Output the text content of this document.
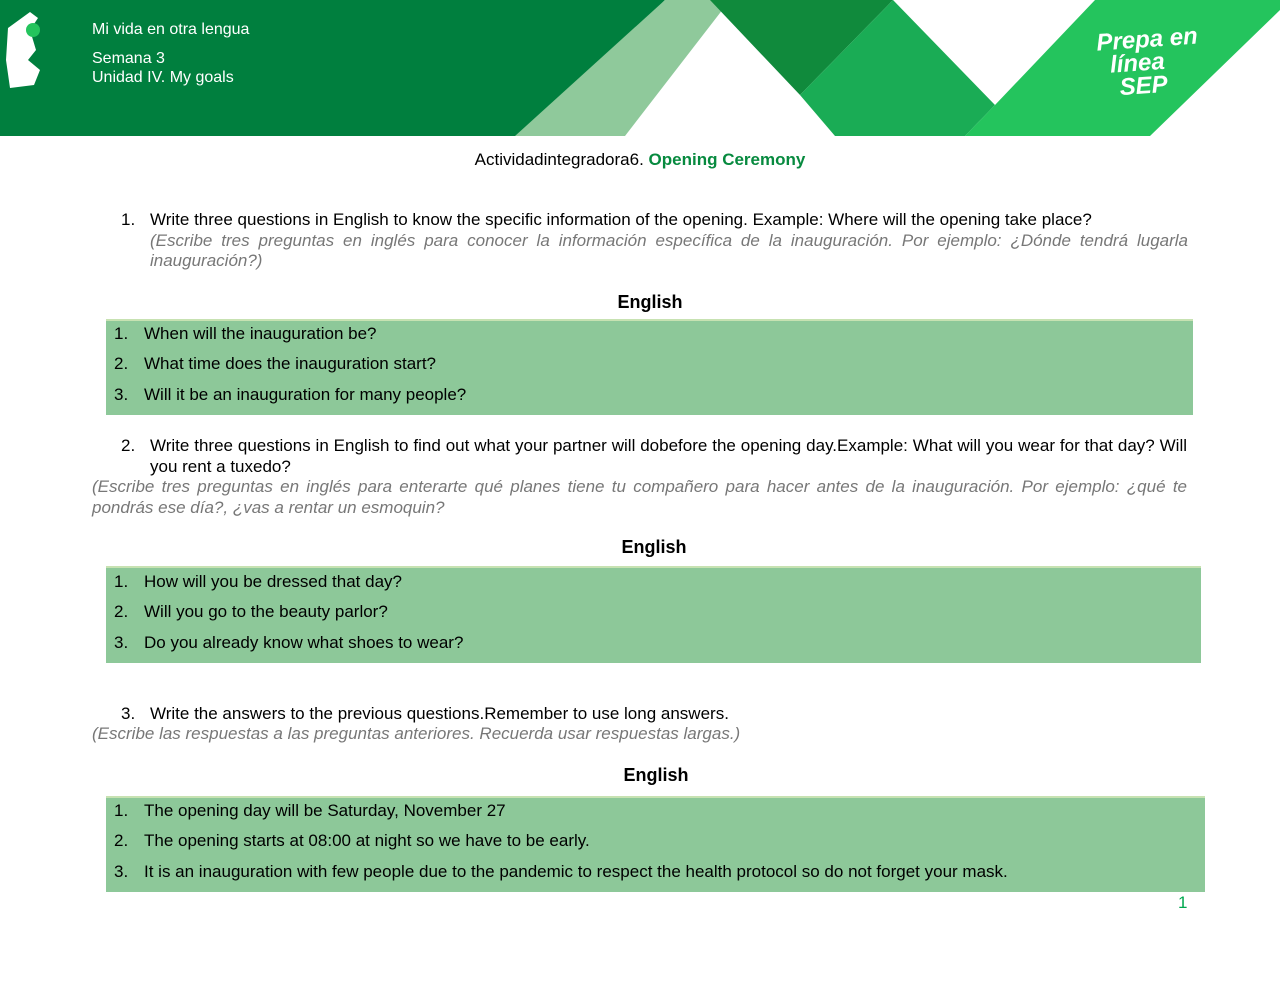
Mi vida en otra lengua
Semana 3
Unidad IV. My goals
Prepa en
línea
SEP
Actividadintegradora6. Opening Ceremony
1. Write three questions in English to know the specific information of the opening. Example: Where will the opening take place?
(Escribe tres preguntas en inglés para conocer la información específica de la inauguración. Por ejemplo: ¿Dónde tendrá lugarla inauguración?)
English
1. When will the inauguration be?
2. What time does the inauguration start?
3. Will it be an inauguration for many people?
2. Write three questions in English to find out what your partner will dobefore the opening day.Example: What will you wear for that day? Will you rent a tuxedo?
(Escribe tres preguntas en inglés para enterarte qué planes tiene tu compañero para hacer antes de la inauguración. Por ejemplo: ¿qué te pondrás ese día?, ¿vas a rentar un esmoquin?
English
1. How will you be dressed that day?
2. Will you go to the beauty parlor?
3. Do you already know what shoes to wear?
3. Write the answers to the previous questions.Remember to use long answers.
(Escribe las respuestas a las preguntas anteriores. Recuerda usar respuestas largas.)
English
1. The opening day will be Saturday, November 27
2. The opening starts at 08:00 at night so we have to be early.
3. It is an inauguration with few people due to the pandemic to respect the health protocol so do not forget your mask.
1
